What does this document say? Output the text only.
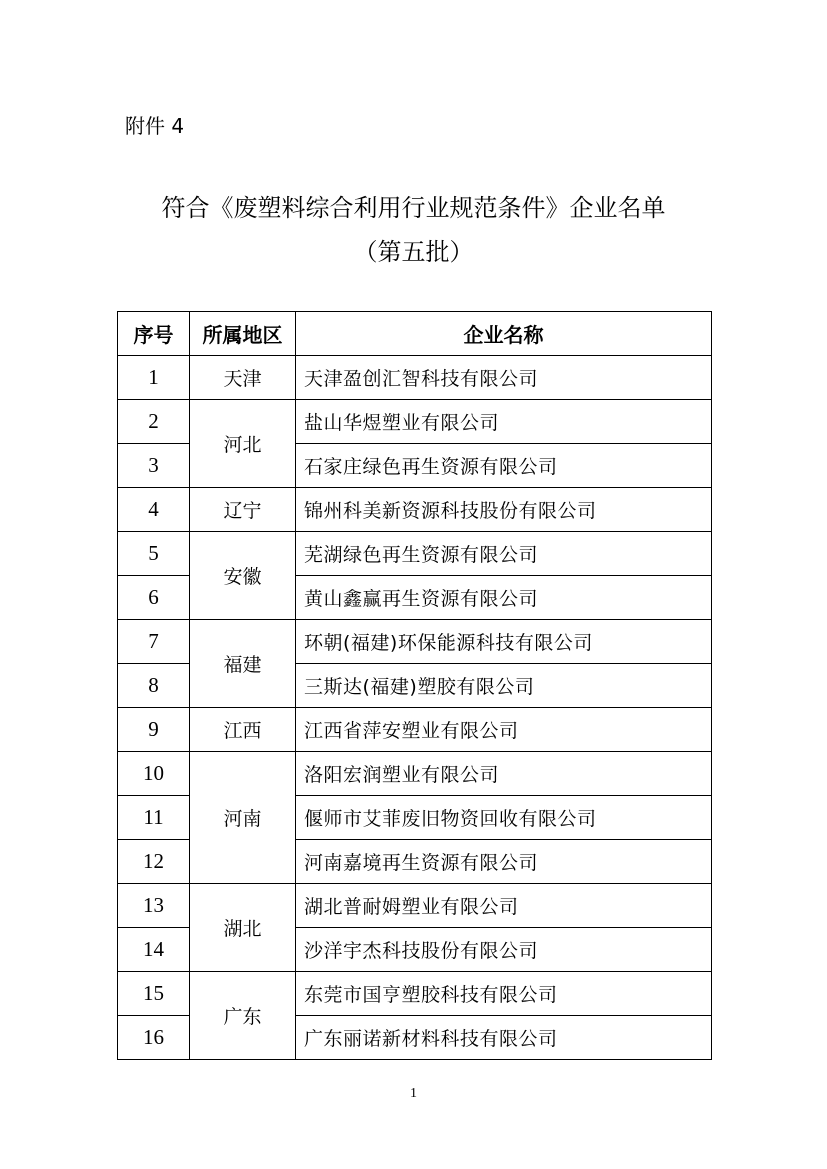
附件 4
符合《废塑料综合利用行业规范条件》企业名单
（第五批）
序号	所属地区	企业名称
1	天津	天津盈创汇智科技有限公司
2	河北	盐山华煜塑业有限公司
3		石家庄绿色再生资源有限公司
4	辽宁	锦州科美新资源科技股份有限公司
5	安徽	芜湖绿色再生资源有限公司
6		黄山鑫赢再生资源有限公司
7	福建	环朝(福建)环保能源科技有限公司
8		三斯达(福建)塑胶有限公司
9	江西	江西省萍安塑业有限公司
10	河南	洛阳宏润塑业有限公司
11		偃师市艾菲废旧物资回收有限公司
12		河南嘉境再生资源有限公司
13	湖北	湖北普耐姆塑业有限公司
14		沙洋宇杰科技股份有限公司
15	广东	东莞市国亨塑胶科技有限公司
16		广东丽诺新材料科技有限公司
1
